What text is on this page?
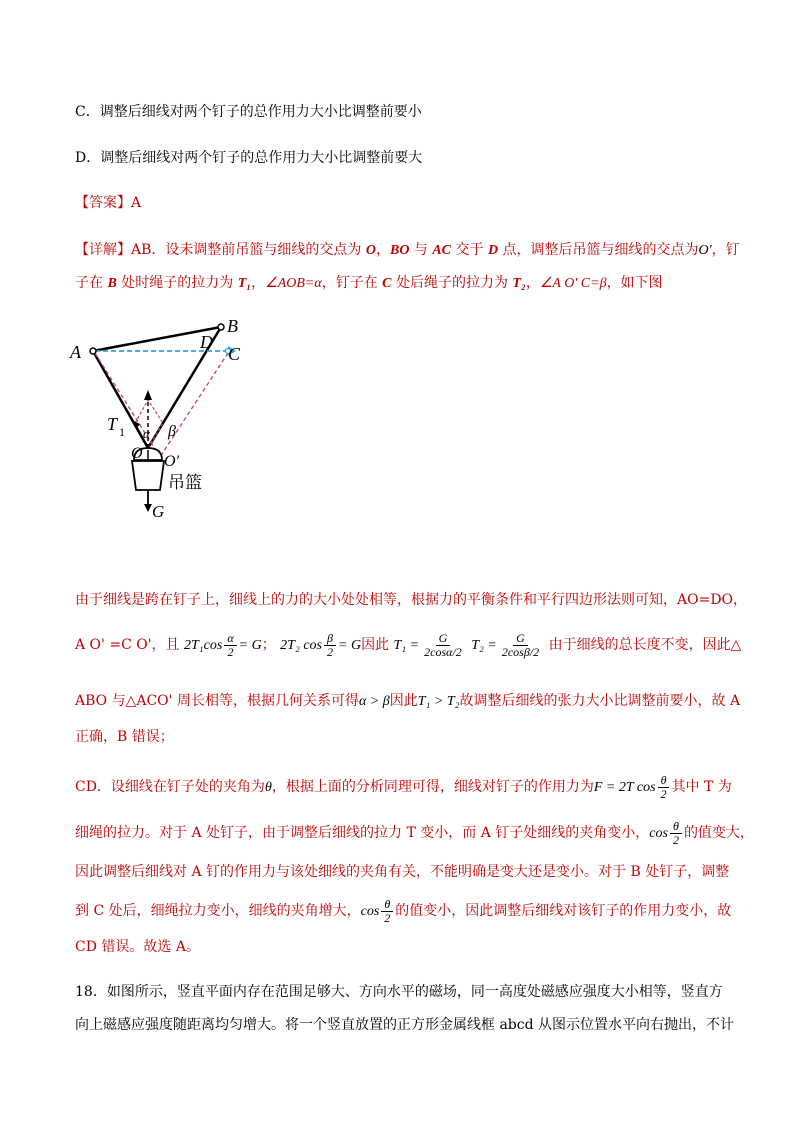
C．调整后细线对两个钉子的总作用力大小比调整前要小
D．调整后细线对两个钉子的总作用力大小比调整前要大
【答案】A
【详解】AB．设未调整前吊篮与细线的交点为 O，BO 与 AC 交于 D 点，调整后吊篮与细线的交点为O'，钉
子在 B 处时绳子的拉力为 T₁，∠AOB=α，钉子在 C 处后绳子的拉力为 T₂，∠A O' C=β，如下图
A
B
D
C
T 1 α β
O O'
吊篮
G
由于细线是跨在钉子上，细线上的力的大小处处相等，根据力的平衡条件和平行四边形法则可知，AO=DO，
A O' =C O'，且 $2T_1\cos \frac{\alpha}{2} = G$； 2T₂ $\cos \frac{\beta}{2} = G$因此 $T_1 = \frac{G}{2\cos\alpha/2} T_2 = \frac{G}{2\cos\beta/2}$ 由于细线的总长度不变，因此△
ABO 与△ACO' 周长相等，根据几何关系可得α > β因此T₁ > T₂故调整后细线的张力大小比调整前要小，故 A
正确，B 错误；
CD．设细线在钉子处的夹角为θ，根据上面的分析同理可得，细线对钉子的作用力为F = 2T $\cos \frac{\theta}{2}$ 其中 T 为
细绳的拉力。对于 A 处钉子，由于调整后细线的拉力 T 变小，而 A 钉子处细线的夹角变小，$\cos \frac{\theta}{2}$ 的值变大，
因此调整后细线对 A 钉的作用力与该处细线的夹角有关，不能明确是变大还是变小。对于 B 处钉子，调整
到 C 处后，细绳拉力变小，细线的夹角增大，$\cos \frac{\theta}{2}$ 的值变小，因此调整后细线对该钉子的作用力变小，故
CD 错误。故选 A。
18．如图所示，竖直平面内存在范围足够大、方向水平的磁场，同一高度处磁感应强度大小相等，竖直方
向上磁感应强度随距离均匀增大。将一个竖直放置的正方形金属线框 abcd 从图示位置水平向右抛出，不计
